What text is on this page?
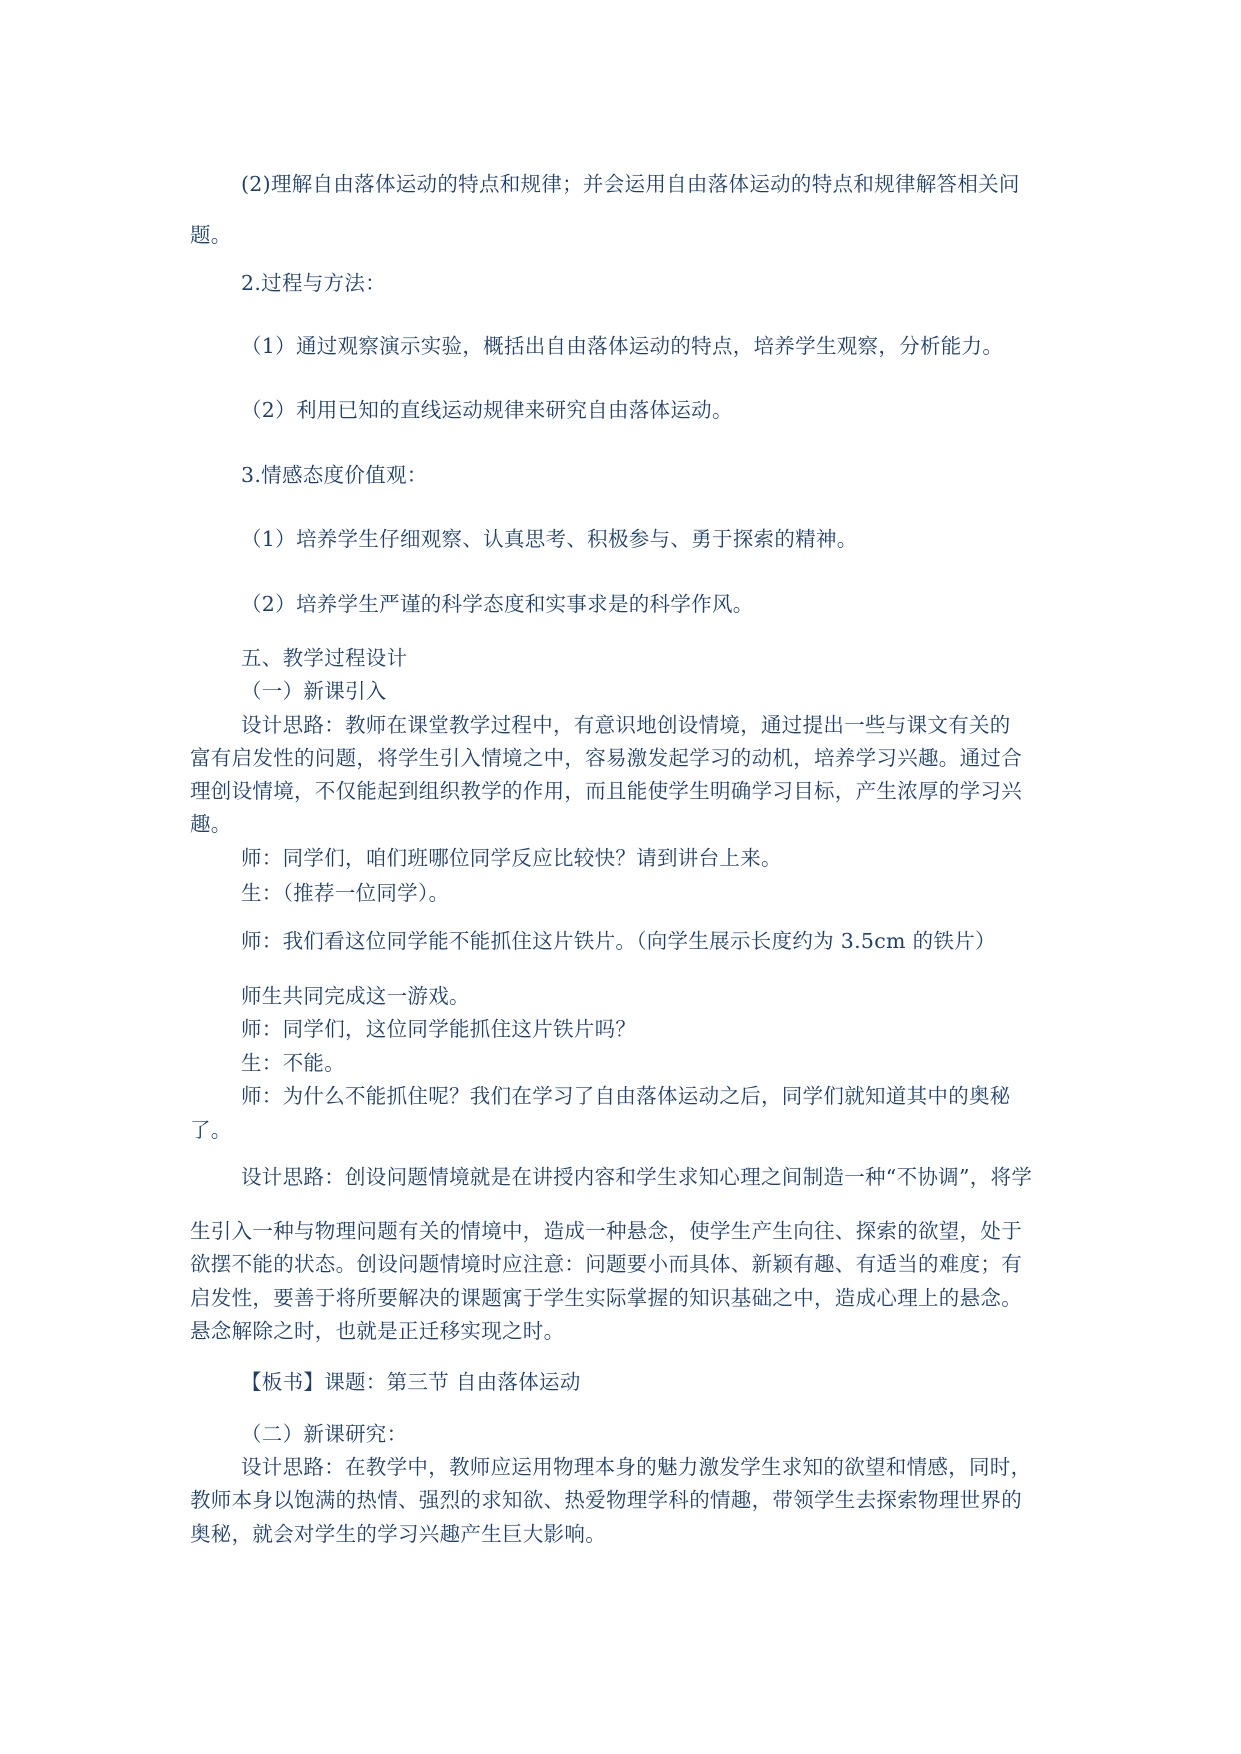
(2)理解自由落体运动的特点和规律；并会运用自由落体运动的特点和规律解答相关问
题。
2.过程与方法：
（1）通过观察演示实验，概括出自由落体运动的特点，培养学生观察，分析能力。
（2）利用已知的直线运动规律来研究自由落体运动。
3.情感态度价值观：
（1）培养学生仔细观察、认真思考、积极参与、勇于探索的精神。
（2）培养学生严谨的科学态度和实事求是的科学作风。
五、教学过程设计
（一）新课引入
设计思路：教师在课堂教学过程中，有意识地创设情境，通过提出一些与课文有关的
富有启发性的问题，将学生引入情境之中，容易激发起学习的动机，培养学习兴趣。通过合
理创设情境，不仅能起到组织教学的作用，而且能使学生明确学习目标，产生浓厚的学习兴
趣。
师：同学们，咱们班哪位同学反应比较快？请到讲台上来。
生：（推荐一位同学）。
师：我们看这位同学能不能抓住这片铁片。（向学生展示长度约为 3.5cm 的铁片）
师生共同完成这一游戏。
师：同学们，这位同学能抓住这片铁片吗？
生：不能。
师：为什么不能抓住呢？我们在学习了自由落体运动之后，同学们就知道其中的奥秘
了。
设计思路：创设问题情境就是在讲授内容和学生求知心理之间制造一种“不协调”，将学
生引入一种与物理问题有关的情境中，造成一种悬念，使学生产生向往、探索的欲望，处于
欲摆不能的状态。创设问题情境时应注意：问题要小而具体、新颖有趣、有适当的难度；有
启发性，要善于将所要解决的课题寓于学生实际掌握的知识基础之中，造成心理上的悬念。
悬念解除之时，也就是正迁移实现之时。
【板书】课题：第三节 自由落体运动
（二）新课研究：
设计思路：在教学中，教师应运用物理本身的魅力激发学生求知的欲望和情感，同时，
教师本身以饱满的热情、强烈的求知欲、热爱物理学科的情趣，带领学生去探索物理世界的
奥秘，就会对学生的学习兴趣产生巨大影响。
